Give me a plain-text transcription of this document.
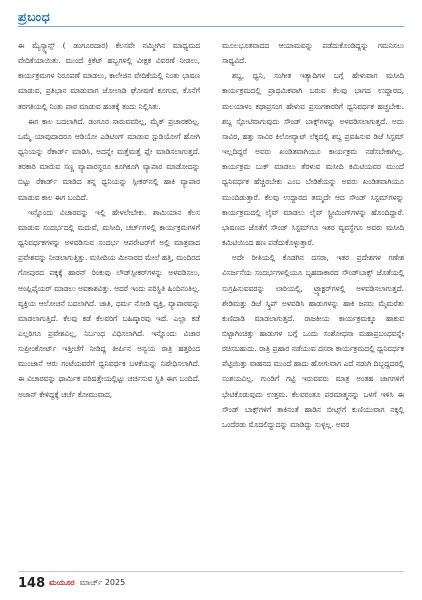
ಪ್ರಬಂಧ

ಈ ಮ್ಯೆಸ್ಯ್ಮಾನ್ಸ್ ( ಡಂಗೂರದಾರ) ಕೆಲಸವೇ ನಮ್ಮೀಗಿನ ಮಾಧ್ಯಮದ ವೇದಿಕೆಯಾಯಿತು. ಮುಂದೆ ಕ್ರಿಕೆಟ್ ಹಬ್ಬಗಳಲ್ಲಿ ವೀಕ್ಷಕ ವಿವರಣೆ ನೀಡಲು, ಕಾರ್ಯಕ್ರಮಗಳ ನಿರೂಪಣೆ ಮಾಡಲು, ಕಾಲೇಜಿನ ವೇದಿಕೆಯಲ್ಲಿ ನಿಂತು ಭಾಷಣ ಮಾಡುವ, ಪ್ರತಿಭಾನ ಮಾಡುವಾಗ ಜೋಲಾಡಿ ಘೋಷಣೆ ಕೂಗುವ, ಕೊನೆಗೆ ತರಗತಿಯಲ್ಲಿ ನಿಂತು ಪಾಠ ಮಾಡುವ ಹಂತಕ್ಕೆ ತಂದು ನಿಲ್ಲಿಸಿತು.

ಈಗ ಕಾಲ ಬದಲಾಗಿದೆ. ಡಂಗೂರ ಸಾರುವವರಿಲ್ಲ, ಮೈಕ್ ಪ್ರಚಾರಕರಿಲ್ಲ. ಒಮ್ಮೆ ಯಾವುದಾದರೂ ಆಡಿಯೋ ಎಡಿಟಿಂಗ್ ಮಾಡುವ ಸ್ಟುಡಿಯೋಗೆ ಹೋಗಿ ಧ್ವನಿಯನ್ನು ರೆಕಾರ್ಡ್ ಮಾಡಿಸಿ, ಅದನ್ನೇ ಮತ್ತೆಮತ್ತೆ ಪ್ಲೇ ಮಾಡಿಸಲಾಗುತ್ತದೆ. ತರಕಾರಿ ಮಾರುವ ಸಣ್ಣ ವ್ಯಾಪಾರಸ್ಥರೂ ಕೂಗಿಕೂಗಿ ವ್ಯಾಪಾರ ಮಾಡೋದನ್ನು ಬಿಟ್ಟು ರೆಕಾರ್ಡ್ ಮಾಡಿದ ತನ್ನ ಧ್ವನಿಯನ್ನು ಸ್ಪೀಕರ್‌ನಲ್ಲಿ ಹಾಕಿ ವ್ಯಾಪಾರ ಮಾಡುವ ಕಾಲ ಈಗ ಬಂದಿದೆ.

ಇನ್ನೊಂದು ವಿಚಾರವನ್ನು ಇಲ್ಲಿ ಹೇಳಲೇಬೇಕು. ಶಾಮಿಯಾನ ಕೆಲಸ ಮಾಡುವ ಸಂದರ್ಭದಲ್ಲಿ ಮದುವೆ, ಮಸೀದಿ, ಚರ್ಚ್‌ಗಳಲ್ಲಿ ಕಾರ್ಯಕ್ರಮಗಳಿಗೆ ಧ್ವನಿವರ್ಧಕಗಳನ್ನು ಅಳವಡಿಸುವ ಸಂದರ್ಭ ಆಪರೇಟರ್‌ಗೆ ಅಲ್ಲಿ ಮಾತ್ರವಾದ ಪ್ರವೇಶವನ್ನು ನೀಡಲಾಗುತ್ತಿತ್ತು. ಮಸೀದಿಯ ಮೀನಾರದ ಮೇಲೆ ಹತ್ತಿ, ಮಂದಿರದ ಗೋಪುರದ ಪಕ್ಕಕ್ಕೆ ಹಾರನ್ ರಿಂಕುವು ಲೌಡ್‌ಸ್ಪೀಕರ್‌ಗಳನ್ನು ಅಳವಡಿಸಲು, ಆಂಪ್ಲಿಫೈಯರ್ ಮಾಡಲು ಅವಕಾಶವಿತ್ತು. ಆದರೆ ಇಂದು ಪರಿಸ್ಥಿತಿ ಹಿಂದಿನಂತಿಲ್ಲ. ವ್ಯಕ್ತಿಯ ಆಲೋಚನೆ ಬದಲಾಗಿದೆ. ಜಾತಿ, ಧರ್ಮ ನೋಡಿ ವ್ಯಕ್ತಿ, ವ್ಯಾಪಾರವನ್ನು ಮಾಡಲಾಗುತ್ತಿದೆ. ಕೆಲವು ಕಡೆ ಕೆಲವರಿಗೆ ಬಹಿಷ್ಕಾರವು ಇದೆ. ಎಲ್ಲಾ ಕಡೆ ಎಲ್ಲರಿಗೂ ಪ್ರವೇಶವಿಲ್ಲ, ನಿರ್ಬಂಧ ವಿಧಿಸಲಾಗಿದೆ. ಇನ್ನೊಂದು ವಿಚಾರ ಸುಪ್ರೀಂಕೋರ್ಟ್ ಇತ್ತೀಚೆಗೆ ನೀಡಿದ್ದ ತೀರ್ಪಿನ ಅನ್ವಯ ರಾತ್ರಿ ಹತ್ತರಿಂದ ಮುಂಜಾನೆ ಆರು ಗಂಟೆಯವರೆಗೆ ಧ್ವನಿವರ್ಧಕ ಬಳಕೆಯನ್ನು ನಿಷೇಧಿಸಲಾಗಿದೆ. ಈ ವಿಚಾರವನ್ನು ಧಾರ್ಮಿಕ ಪರಿಷತ್ತೇಯಲ್ಲಿಟ್ಟು ಚರ್ಚಿಸುವ ಸ್ಥಿತಿ ಈಗ ಬಂದಿದೆ. ಅಜಾನ್ ಕೇಳಿದ್ದಕ್ಕೆ ಚರ್ಚೆ ಕೋಮುವಾದ,

ಮೂಲಭೂತವಾದದ ಆಯಾಮವನ್ನು ಪಡೆದುಕೊಂಡಿದ್ದನ್ನು ಗಮನಿಸಲು ಸಾಧ್ಯವಿದೆ.

ಶಬ್ದ, ಧ್ವನಿ, ಸಂಗೀತ ಇತ್ಯಾದಿಗಳ ಬಗ್ಗೆ ಹೇಳುವಾಗ ಮಸೀದಿ ಕಾರ್ಯಕ್ರಮದಲ್ಲಿ ಪ್ರಾಥಮಿಕವಾಗಿ ಬರುವ ಕೆಲವು ಭಾಗದ ಉದ್ದಾರದ, ಮಲಯಾಳಂ ಕಥಾಪ್ರಸಂಗ ಹೇಳುವ ಪ್ರಸಂಗಕಾರರಿಗೆ ಧ್ವನಿವರ್ಧಕ ಹಚ್ಚಬೇಕು. ಶಬ್ದ ಸ್ಪೋಟಿವಾಗುವುದು ಸೌಂಡ್ ಬಾಕ್ಸ್‌ಗಳನ್ನು ಅಳವಡಿಸಲಾಗುತ್ತದೆ. ಅದು ಸಾವಿರ, ಹತ್ತು ಸಾವಿರ ಕಿಲೋವ್ಯಾಟ್ ಲೆಕ್ಕದಲ್ಲಿ ಶಬ್ದ ಪ್ರವಹಿಸುವ ಡಿಜೆ ಸಿಸ್ಟಮ್ ಇಲ್ಲದಿದ್ದರೆ ಅವರು ಖಂಡಿತವಾಗಿಯೂ ಕಾರ್ಯಕ್ರಮ ನಡೆಸಬೇಕಾಗಿಲ್ಲ. ಕಾರ್ಯಕ್ರಮ ಬುಕ್ ಮಾಡಲು ತೆರಳುವ ಮಸೀದಿ ಕಮಿಟಿಯವರ ಮುಂದೆ ಧ್ವನಿವರ್ಧಕ ಹೆಚ್ಚಿರಬೇಕು ಎಂಬ ಬೇಡಿಕೆಯನ್ನು ಅವರು ಖಂಡಿತವಾಗಿಯೂ ಮುಂದಿಡುತ್ತಾರೆ. ಕೆಲವು ಉದ್ದಾರದ ತಮ್ಮದೇ ಆದ ಸೌಂಡ್ ಸಿಸ್ಟಮ್‌ಗಳನ್ನು ಕಾರ್ಯಕ್ರಮದಲ್ಲಿ ಲೈವ್ ಮಾಡಲು ಲೈವ್ ಸ್ಟ್ರೀಮಿಂಗ್‌ಗಳನ್ನು ಹೊಂದಿದ್ದಾರೆ. ಭಾಷಣದ ಜೊತೆಗೆ ಸೌಂಡ್ ಸಿಸ್ಟಮ್‌ಗೂ ಇತರ ವ್ಯವಸ್ಥೆಗೂ ಅವರು ಮಸೀದಿ ಕಮಿಟಿಯಿಂದ ಹಣ ಪಡೆದುಕೊಳ್ಳುತ್ತಾರೆ.

ಅದೇ ರೀತಿಯಲ್ಲಿ ಕೊಡಗಿನ ದಸರಾ, ಇತರ ಪ್ರದೇಶಗಳ ಗಣೇಶ ವಿಸರ್ಜನೆಯ ಸಂದರ್ಭಗಳಲ್ಲಿಯೂ ಬೃಹದಾಕಾರದ ಸೌಂಡ್‌ಬಾಕ್ಸ್ ಜೊತೆಯಲ್ಲಿ ಸುಗ್ರಹಿಸುವವರನ್ನು ಲಾರಿಯಲ್ಲಿ, ಟ್ರ್ಯಾಕ್ಟರ್‌ಗಳಲ್ಲಿ ಅಳವಡಿಸಲಾಗುತ್ತದೆ. ಶೇಡಿಮತ್ತು ಡಿಜೆ ಸ್ಕ್ರಿಪ್ ಅಳವಡಿಸಿ ಹಾಡುಗಳನ್ನು ಹಾಕಿ ಜನರು ಮೈಮರೆತು ಕುಣಿದಾಡಿ ಮಾಡಲಾಗುತ್ತದೆ. ರಾಜಕೀಯ ಕಾರ್ಯಕ್ರಮಕ್ಕೂ ಹಾಕುವ ಬಿಟ್ಟಾಗಿಂಚಿತ್ತು ಹಾಡುಗಳ ಬಗ್ಗೆ ಒಂದು ಸಂಶೋಧನಾ ಮಹಾಪ್ರಬಂಧವನ್ನೇ ರಚಿಸಬಹುದು. ರಾತ್ರಿ ಪ್ರಹಾರ ನಡೆಯುವ ದಸರಾ ಕಾರ್ಯಕ್ರಮದಲ್ಲಿ ಧ್ವನಿವರ್ಧಕ ಪೆಟ್ಟಿಯಿತ್ತು ವಾಹನದ ಮುಂದೆ ಹಾದು ಹೋಗುವಾಗ ಎದೆ ನಡುಗಿ ದಿಬ್ಬದ್ದದರಲ್ಲಿ ಸಂಶಯವಿಲ್ಲ. ಗುಂಡಿಗೆ ಗಟ್ಟಿ ಇರುವವರು ಮಾತ್ರ ಅಂತಹ ಜಾಗಗಳಿಗೆ ಭೇಟಿಕೊಡುವುದು ಉತ್ತಮ. ಕೆಲವರಂತೂ ಪರಮಾತ್ಮನನ್ನು ಒಳಗೆ ಇಳಿಸಿ ಈ ಸೌಂಡ್ ಬಾಕ್ಸ್‌ಗಳಿಗೆ ತಾಕಿನಂತೆ ಹಾಡಿನ ಬೀಟ್ಸ್‌ಗೆ ಕುಣಿಯುವಾಗ ನಕ್ಕಲ್ಲಿ ಒಂದೆರಡು ಮೊದಲಿದ್ದುದನ್ನು ಮಾಡಿದ್ದು ಸುಳ್ಳಲ್ಲ. ಅವರ

148 ಮಯೂರ ಮಾರ್ಚ್ 2025
